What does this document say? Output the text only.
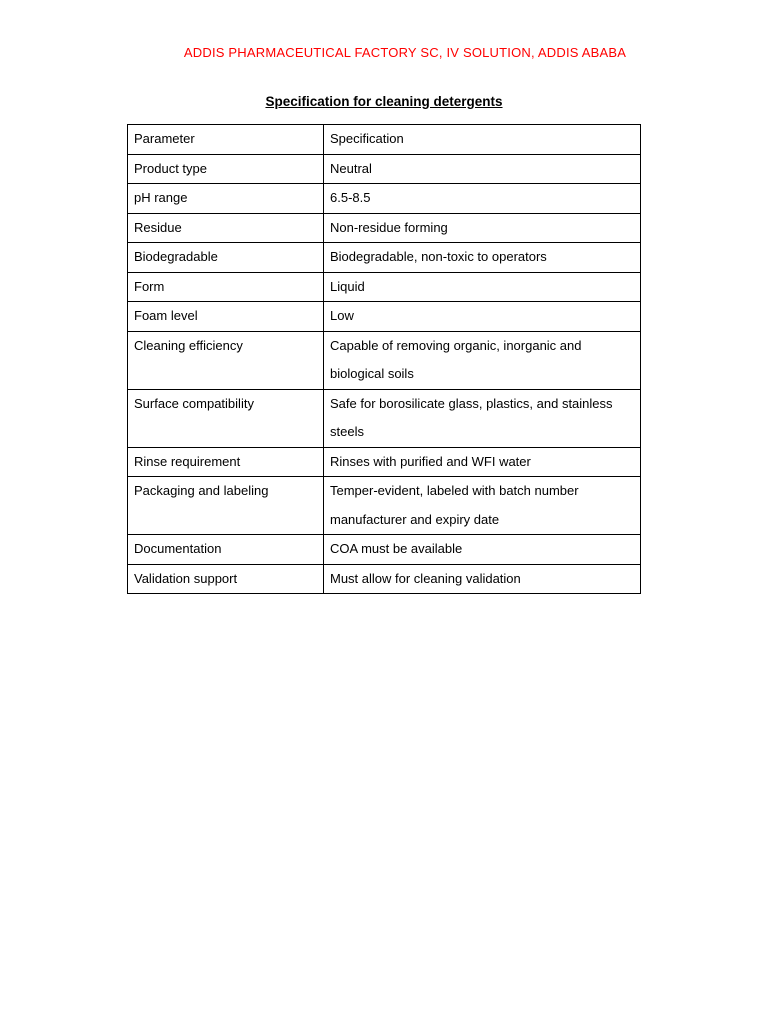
ADDIS PHARMACEUTICAL FACTORY SC, IV SOLUTION, ADDIS ABABA
Specification for cleaning detergents
Parameter	Specification
Product type	Neutral
pH range	6.5-8.5
Residue	Non-residue forming
Biodegradable	Biodegradable, non-toxic to operators
Form	Liquid
Foam level	Low
Cleaning efficiency	Capable of removing organic, inorganic and biological soils
Surface compatibility	Safe for borosilicate glass, plastics, and stainless steels
Rinse requirement	Rinses with purified and WFI water
Packaging and labeling	Temper-evident, labeled with batch number manufacturer and expiry date
Documentation	COA must be available
Validation support	Must allow for cleaning validation
